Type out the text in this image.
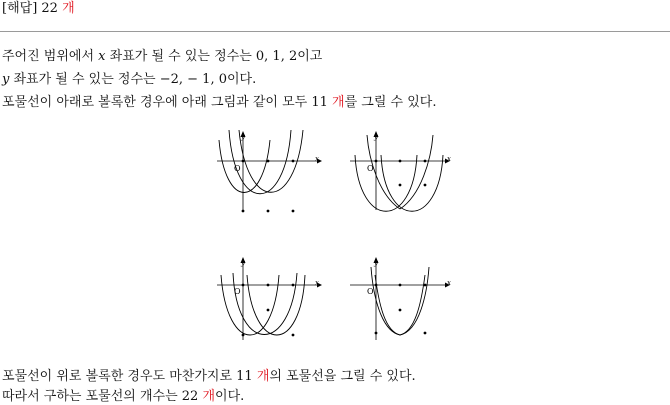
[해답] 22 개
주어진 범위에서 x 좌표가 될 수 있는 정수는 0, 1, 2이고
y 좌표가 될 수 있는 정수는 −2, − 1, 0이다.
포물선이 아래로 볼록한 경우에 아래 그림과 같이 모두 11 개를 그릴 수 있다.
x
y
O
x
y
O
x
y
O
x
y
O
포물선이 위로 볼록한 경우도 마찬가지로 11 개의 포물선을 그릴 수 있다.
따라서 구하는 포물선의 개수는 22 개이다.
